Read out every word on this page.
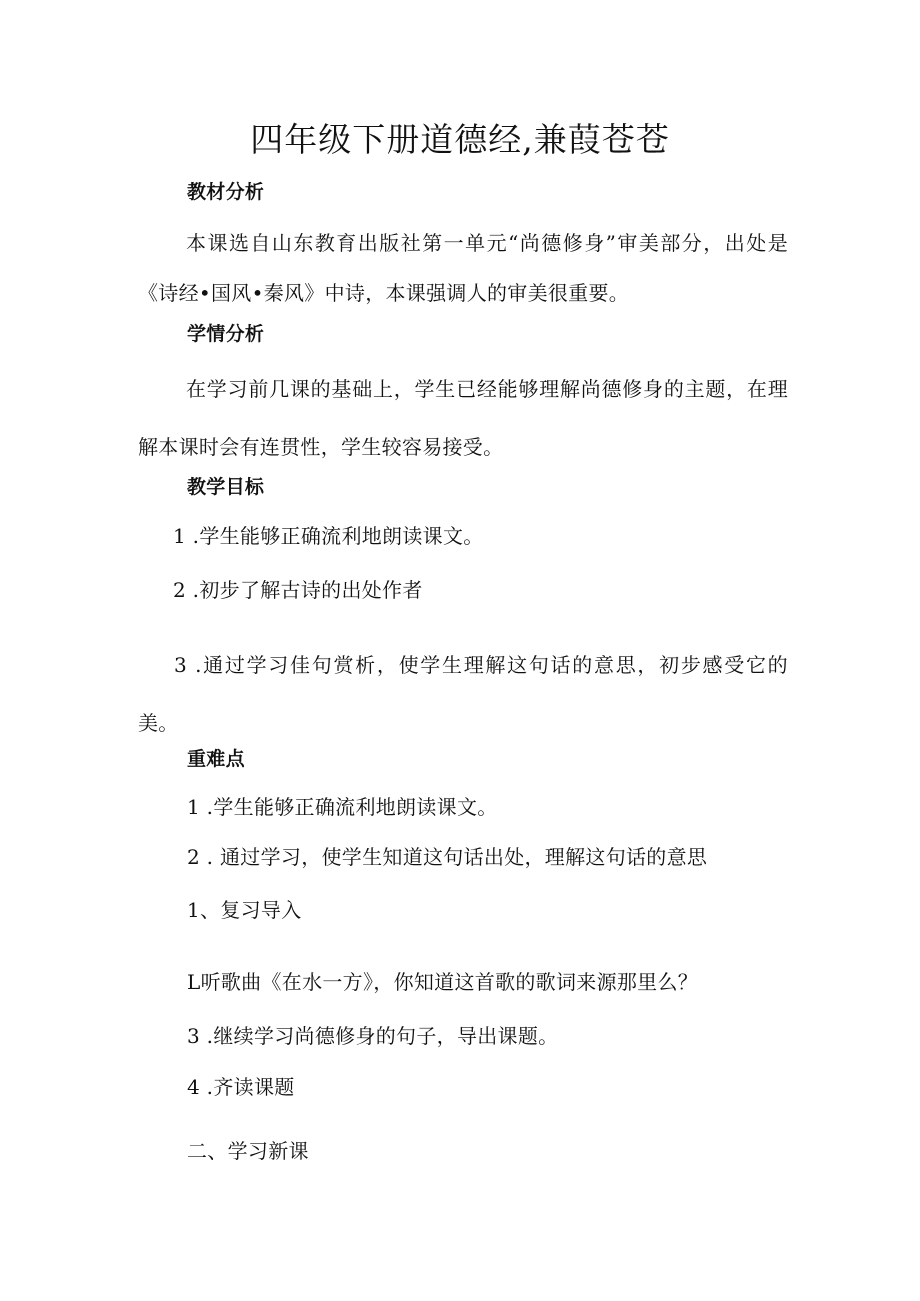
四年级下册道德经,兼葭苍苍
教材分析
本课选自山东教育出版社第一单元“尚德修身”审美部分，出处是《诗经•国风•秦风》中诗，本课强调人的审美很重要。
学情分析
在学习前几课的基础上，学生已经能够理解尚德修身的主题，在理解本课时会有连贯性，学生较容易接受。
教学目标
1 .学生能够正确流利地朗读课文。
2 .初步了解古诗的出处作者
3 .通过学习佳句赏析，使学生理解这句话的意思，初步感受它的美。
重难点
1 .学生能够正确流利地朗读课文。
2 . 通过学习，使学生知道这句话出处，理解这句话的意思
1、复习导入
L听歌曲《在水一方》，你知道这首歌的歌词来源那里么？
3 .继续学习尚德修身的句子，导出课题。
4 .齐读课题
二、学习新课
